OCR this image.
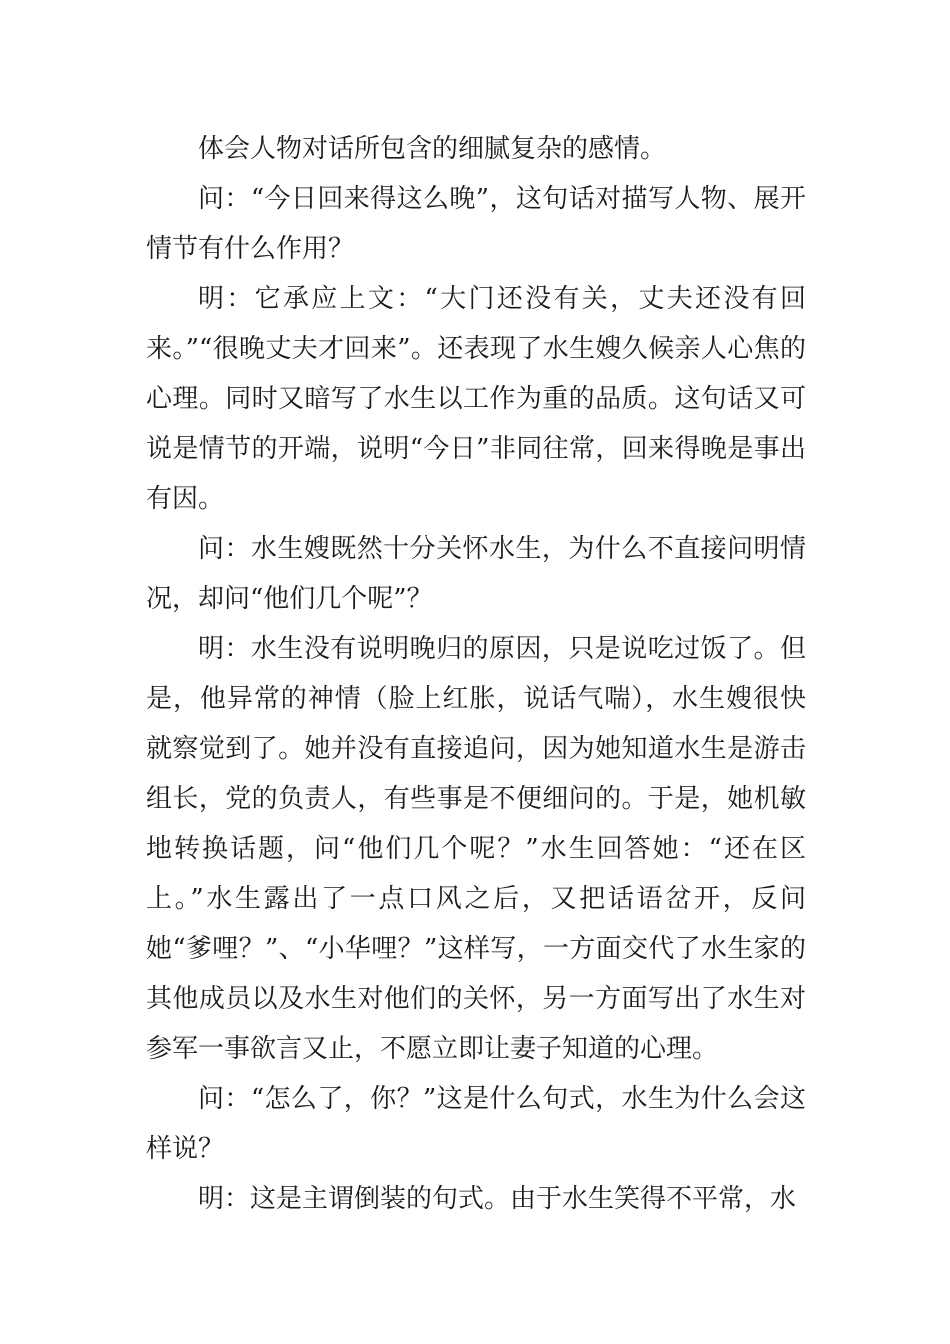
体会人物对话所包含的细腻复杂的感情。

问：“今日回来得这么晚”，这句话对描写人物、展开情节有什么作用？

明：它承应上文：“大门还没有关，丈夫还没有回来。”“很晚丈夫才回来”。还表现了水生嫂久候亲人心焦的心理。同时又暗写了水生以工作为重的品质。这句话又可说是情节的开端，说明“今日”非同往常，回来得晚是事出有因。

问：水生嫂既然十分关怀水生，为什么不直接问明情况，却问“他们几个呢”？

明：水生没有说明晚归的原因，只是说吃过饭了。但是，他异常的神情（脸上红胀，说话气喘），水生嫂很快就察觉到了。她并没有直接追问，因为她知道水生是游击组长，党的负责人，有些事是不便细问的。于是，她机敏地转换话题，问“他们几个呢？”水生回答她：“还在区上。”水生露出了一点口风之后，又把话语岔开，反问她“爹哩？”、“小华哩？”这样写，一方面交代了水生家的其他成员以及水生对他们的关怀，另一方面写出了水生对参军一事欲言又止，不愿立即让妻子知道的心理。

问：“怎么了，你？”这是什么句式，水生为什么会这样说？

明：这是主谓倒装的句式。由于水生笑得不平常，水
